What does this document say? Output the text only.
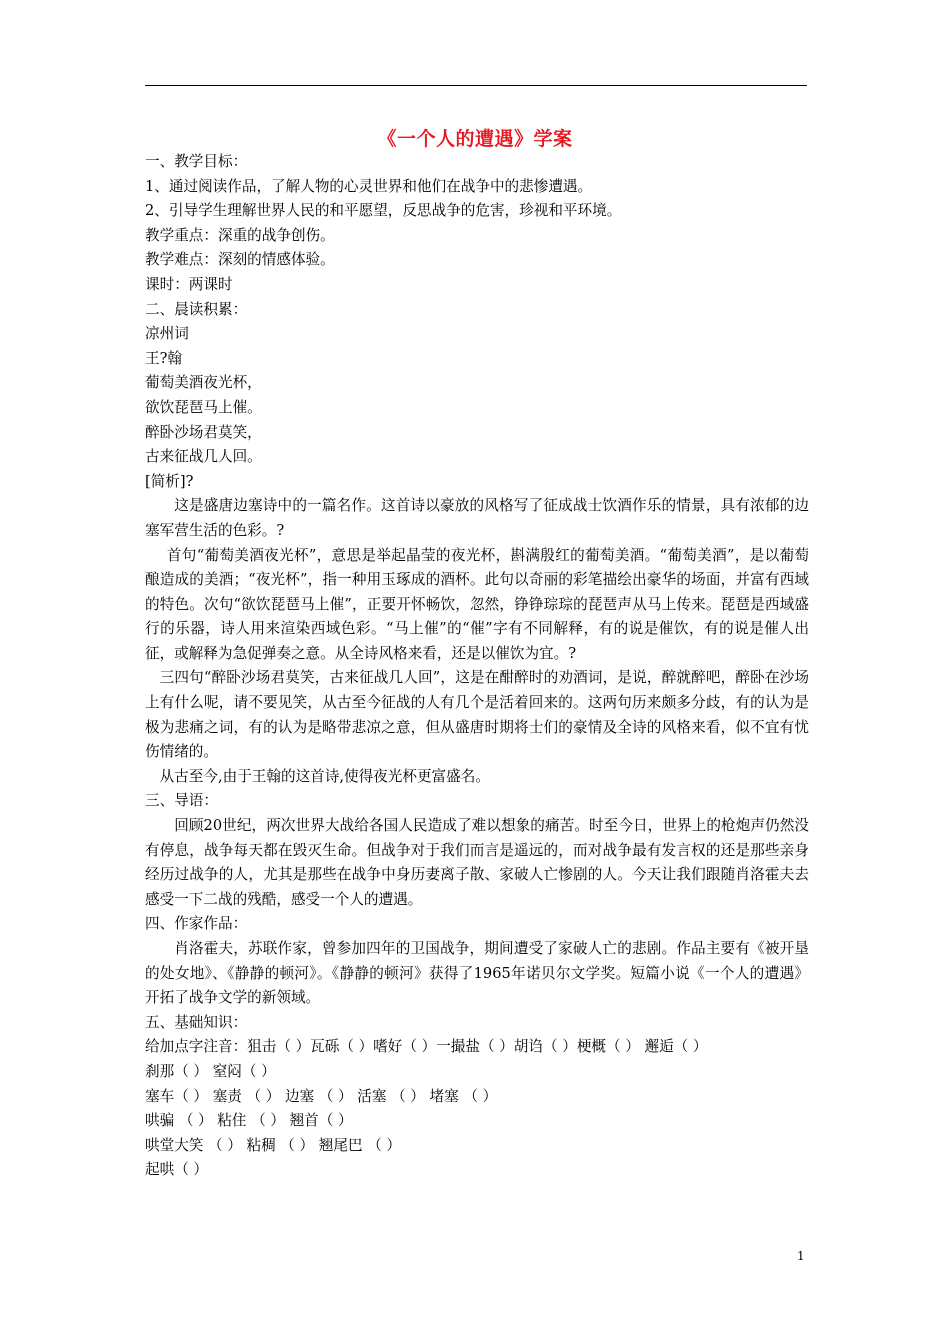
《一个人的遭遇》学案

一、教学目标：

1、通过阅读作品，了解人物的心灵世界和他们在战争中的悲惨遭遇。

2、引导学生理解世界人民的和平愿望，反思战争的危害，珍视和平环境。

教学重点：深重的战争创伤。

教学难点：深刻的情感体验。

课时：两课时

二、晨读积累：

凉州词

王?翰

葡萄美酒夜光杯，

欲饮琵琶马上催。

醉卧沙场君莫笑，

古来征战几人回。

[简析]?

这是盛唐边塞诗中的一篇名作。这首诗以豪放的风格写了征成战士饮酒作乐的情景，具有浓郁的边塞军营生活的色彩。?

首句“葡萄美酒夜光杯”，意思是举起晶莹的夜光杯，斟满殷红的葡萄美酒。“葡萄美酒”，是以葡萄酿造成的美酒；“夜光杯”，指一种用玉琢成的酒杯。此句以奇丽的彩笔描绘出豪华的场面，并富有西域的特色。次句“欲饮琵琶马上催”，正要开怀畅饮，忽然，铮铮琮琮的琵琶声从马上传来。琵琶是西域盛行的乐器，诗人用来渲染西域色彩。“马上催”的“催”字有不同解释，有的说是催饮，有的说是催人出征，或解释为急促弹奏之意。从全诗风格来看，还是以催饮为宜。?

三四句“醉卧沙场君莫笑，古来征战几人回”，这是在酣醉时的劝酒词，是说，醉就醉吧，醉卧在沙场上有什么呢，请不要见笑，从古至今征战的人有几个是活着回来的。这两句历来颇多分歧，有的认为是极为悲痛之词，有的认为是略带悲凉之意，但从盛唐时期将士们的豪情及全诗的风格来看，似不宜有忧伤情绪的。

从古至今,由于王翰的这首诗,使得夜光杯更富盛名。

三、导语：

回顾20世纪，两次世界大战给各国人民造成了难以想象的痛苦。时至今日，世界上的枪炮声仍然没有停息，战争每天都在毁灭生命。但战争对于我们而言是遥远的，而对战争最有发言权的还是那些亲身经历过战争的人，尤其是那些在战争中身历妻离子散、家破人亡惨剧的人。今天让我们跟随肖洛霍夫去感受一下二战的残酷，感受一个人的遭遇。

四、作家作品：

肖洛霍夫，苏联作家，曾参加四年的卫国战争，期间遭受了家破人亡的悲剧。作品主要有《被开垦的处女地》、《静静的顿河》。《静静的顿河》获得了1965年诺贝尔文学奖。短篇小说《一个人的遭遇》开拓了战争文学的新领域。

五、基础知识：

给加点字注音：狙击（ ）瓦砾（ ）嗜好（ ）一撮盐（ ）胡诌（ ）梗概（ ） 邂逅（ ）

刹那（ ） 窒闷（ ）

塞车（ ） 塞责 （ ） 边塞 （ ） 活塞 （ ） 堵塞 （ ）

哄骗 （ ） 粘住 （ ） 翘首（ ）

哄堂大笑 （ ） 粘稠 （ ） 翘尾巴 （ ）

起哄（ ）

1
